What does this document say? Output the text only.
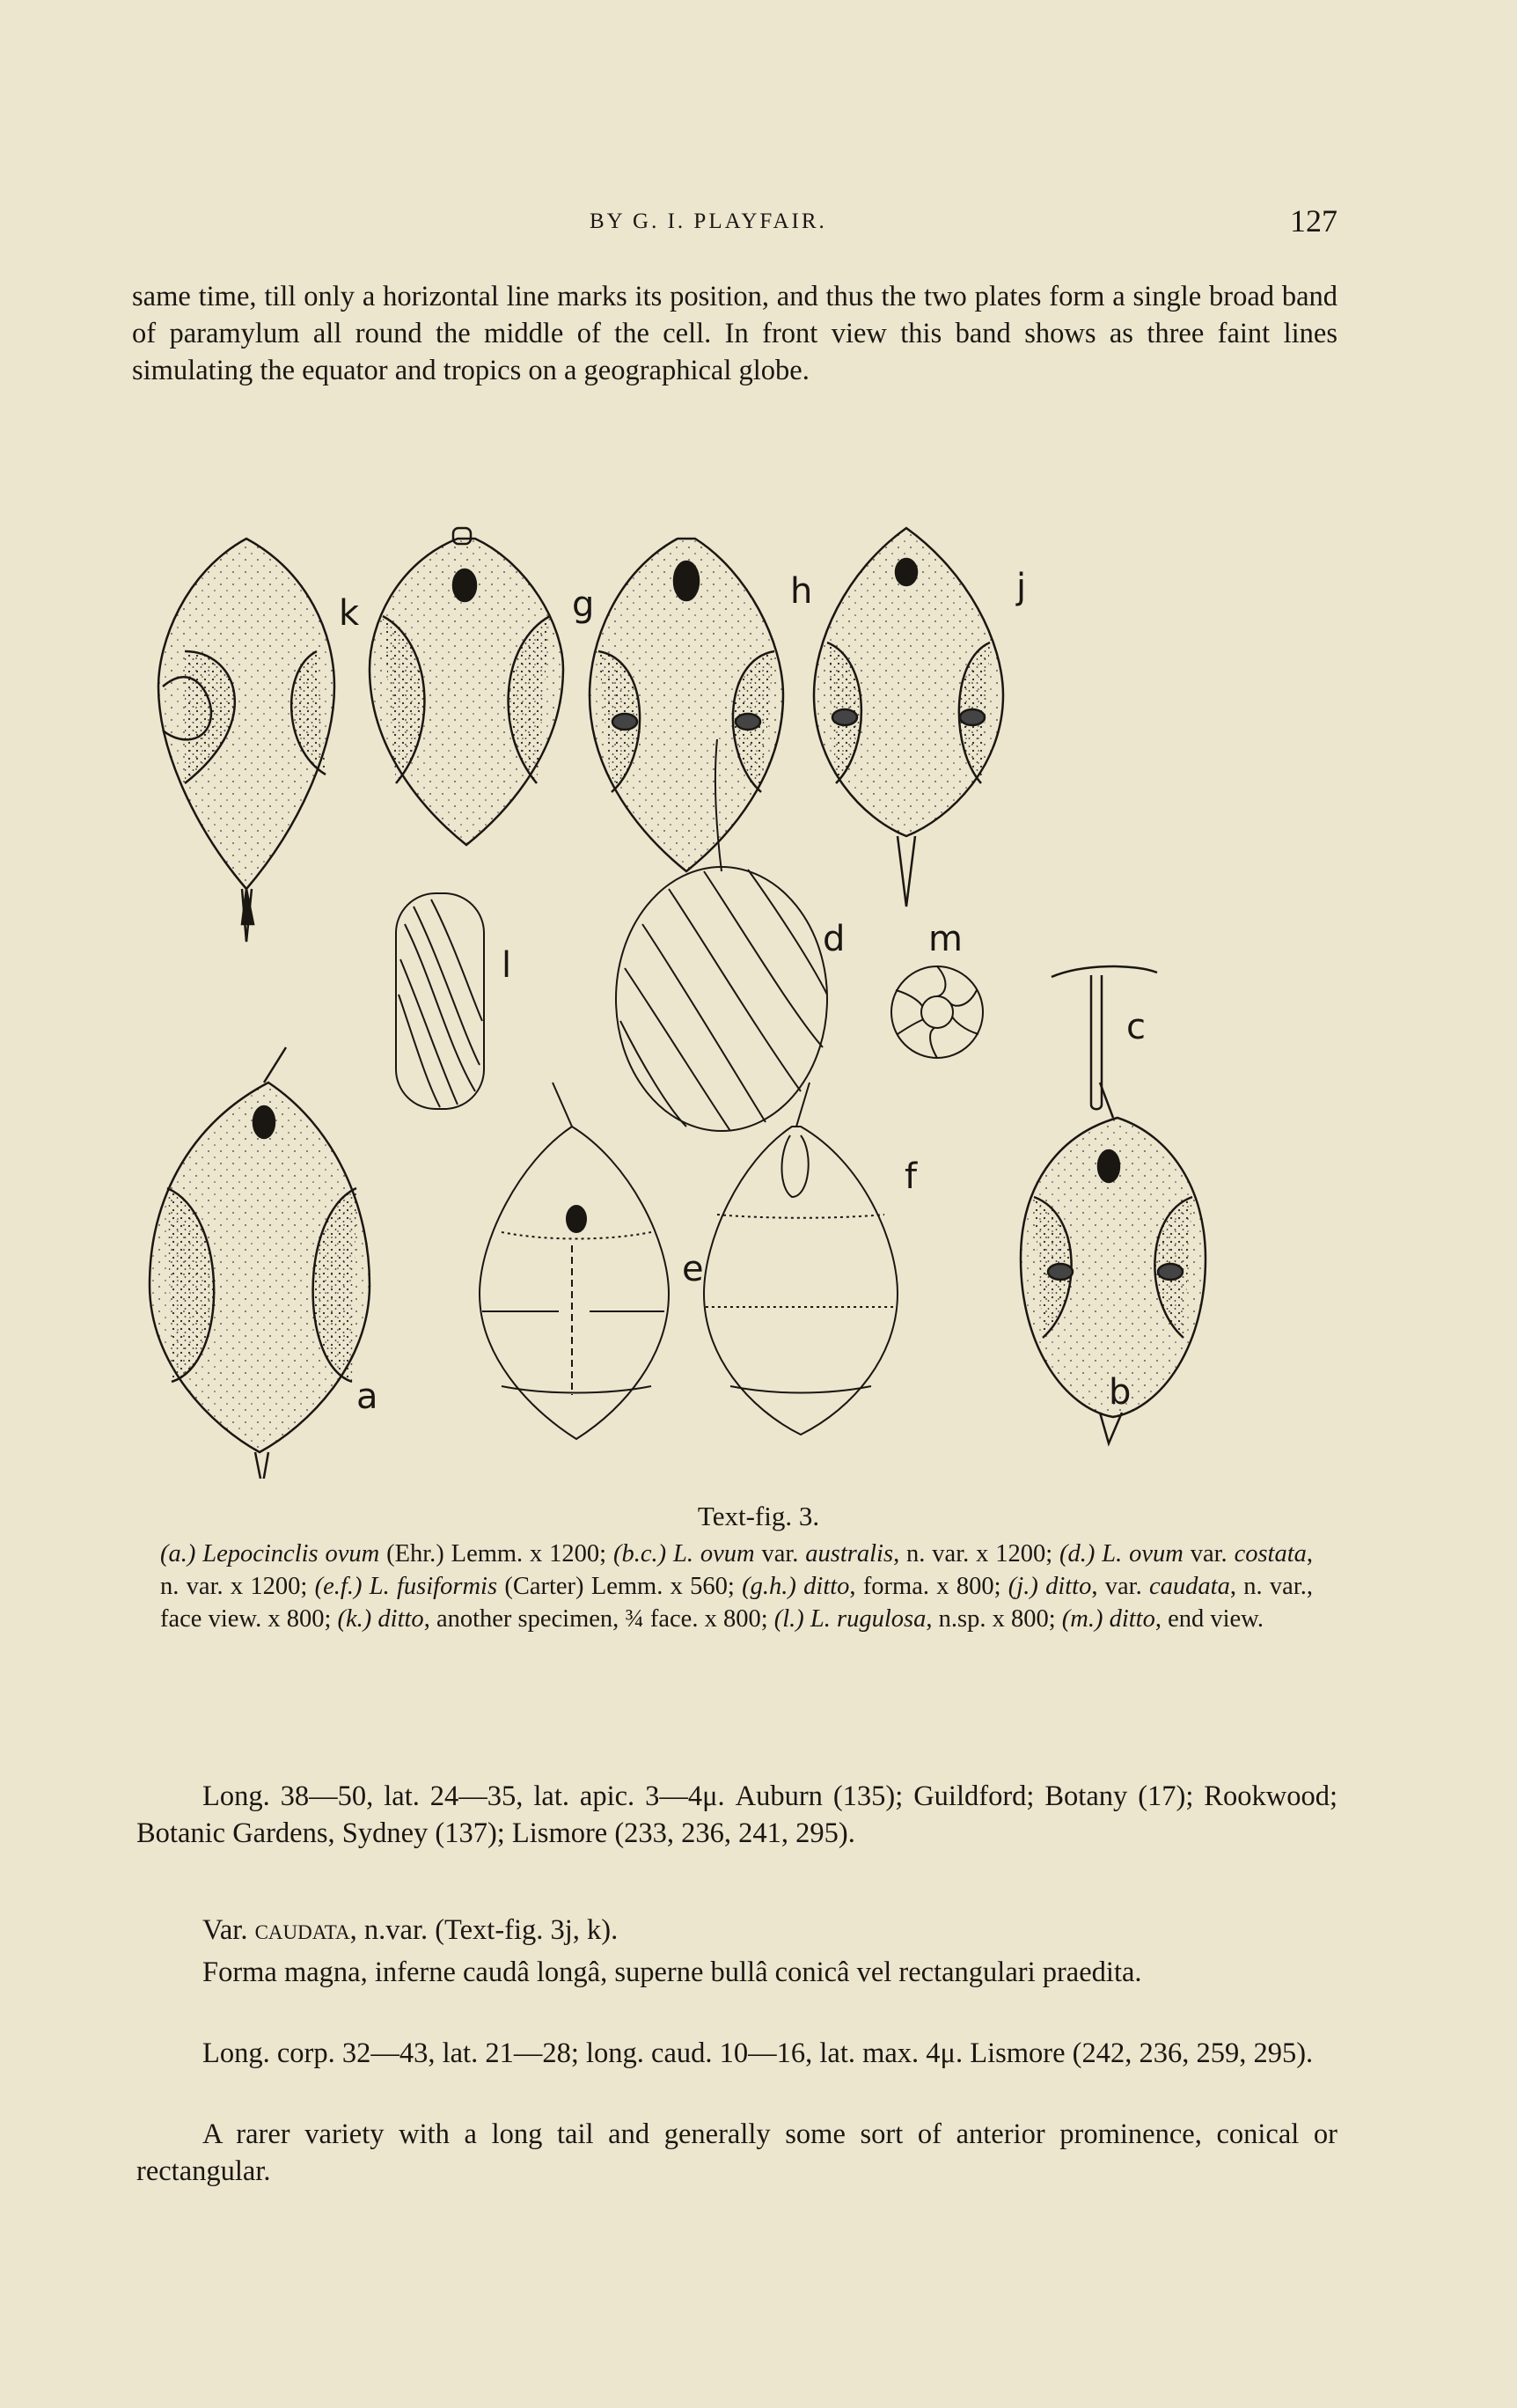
BY G. I. PLAYFAIR.	127

same time, till only a horizontal line marks its position, and thus the two plates form a single broad band of paramylum all round the middle of the cell. In front view this band shows as three faint lines simulating the equator and tropics on a geographical globe.

k	g	h	j
l
d m
c
a
e
f
b

Text-fig. 3.

(a.) Lepocinclis ovum (Ehr.) Lemm. x 1200; (b.c.) L. ovum var. australis, n. var. x 1200; (d.) L. ovum var. costata, n. var. x 1200; (e.f.) L. fusiformis (Carter) Lemm. x 560; (g.h.) ditto, forma. x 800; (j.) ditto, var. caudata, n. var., face view. x 800; (k.) ditto, another specimen, ¾ face. x 800; (l.) L. rugulosa, n.sp. x 800; (m.) ditto, end view.

Long. 38—50, lat. 24—35, lat. apic. 3—4μ. Auburn (135); Guildford; Botany (17); Rookwood; Botanic Gardens, Sydney (137); Lismore (233, 236, 241, 295).

Var. caudata, n.var. (Text-fig. 3j, k).

Forma magna, inferne caudâ longâ, superne bullâ conicâ vel rectangulari praedita.

Long. corp. 32—43, lat. 21—28; long. caud. 10—16, lat. max. 4μ. Lismore (242, 236, 259, 295).

A rarer variety with a long tail and generally some sort of anterior prominence, conical or rectangular.
